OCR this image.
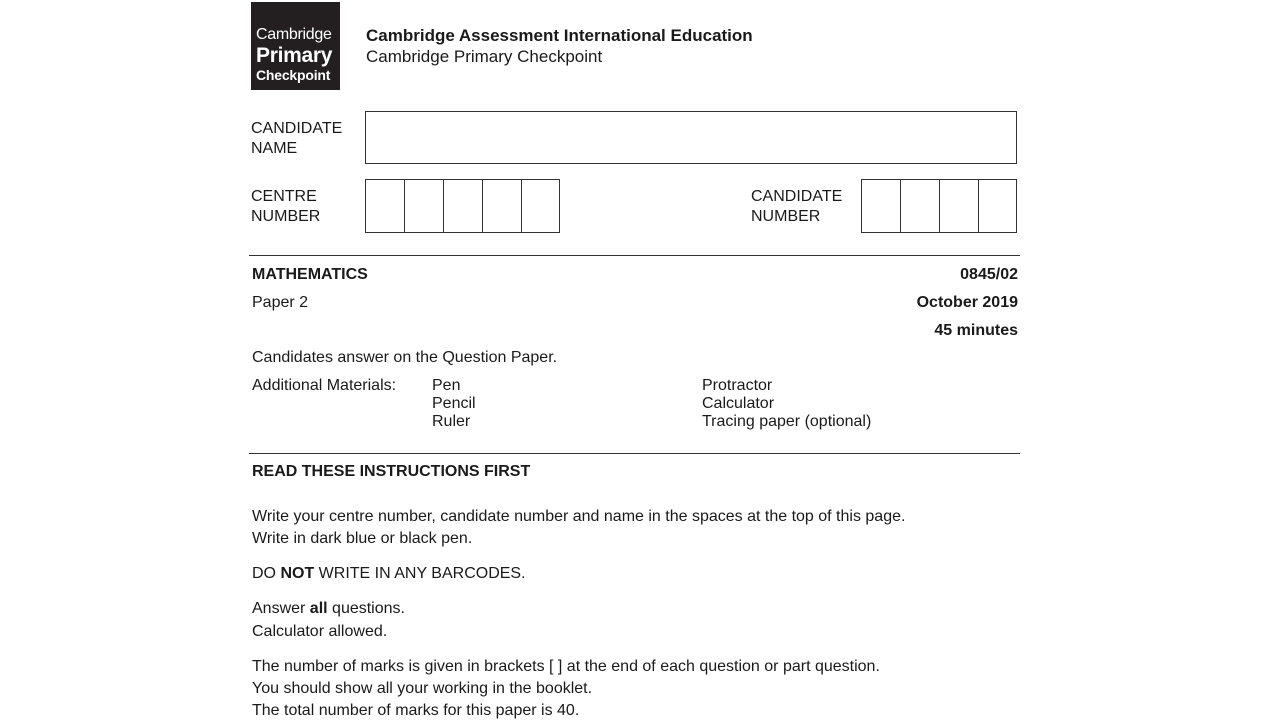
Cambridge
Primary
Checkpoint
Cambridge Assessment International Education
Cambridge Primary Checkpoint
CANDIDATE
NAME
CENTRE
NUMBER
CANDIDATE
NUMBER
MATHEMATICS
Paper 2
0845/02
October 2019
45 minutes
Candidates answer on the Question Paper.
Additional Materials: Pen
Pencil
Ruler
Protractor
Calculator
Tracing paper (optional)
READ THESE INSTRUCTIONS FIRST
Write your centre number, candidate number and name in the spaces at the top of this page.
Write in dark blue or black pen.
DO NOT WRITE IN ANY BARCODES.
Answer all questions.
Calculator allowed.
The number of marks is given in brackets [ ] at the end of each question or part question.
You should show all your working in the booklet.
The total number of marks for this paper is 40.
